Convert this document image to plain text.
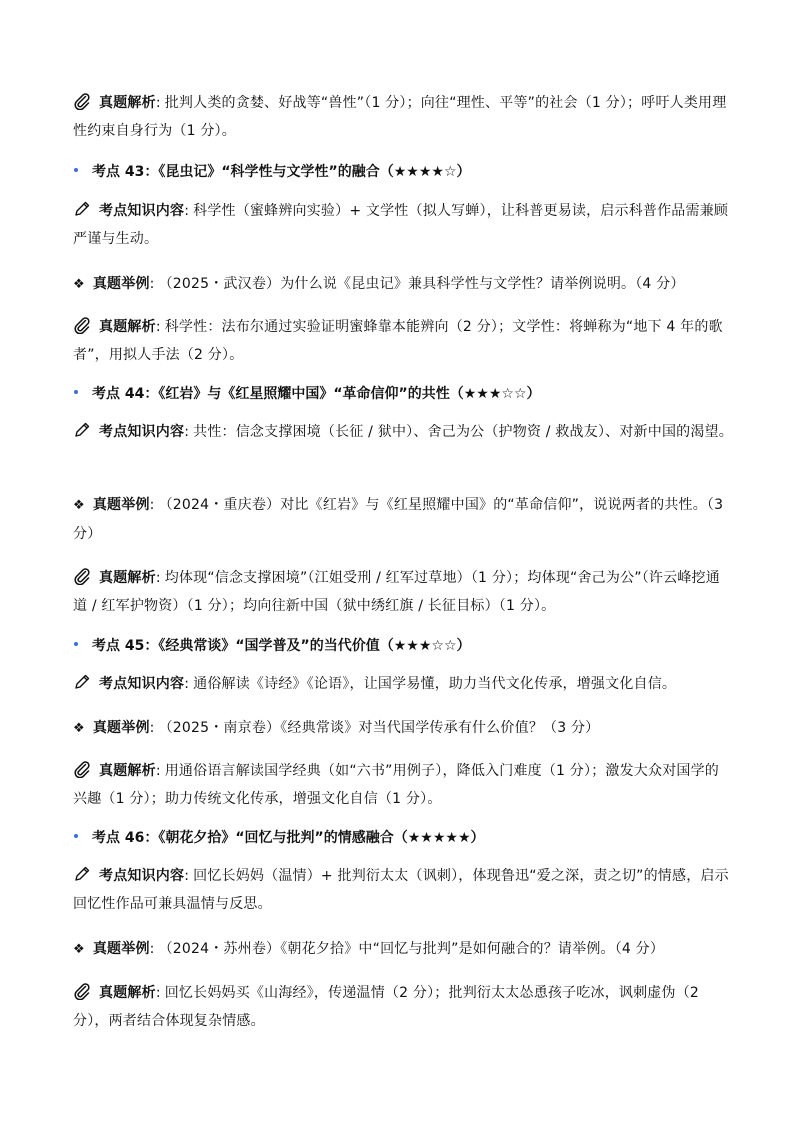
真题解析: 批判人类的贪婪、好战等“兽性”（1 分）；向往“理性、平等”的社会（1 分）；呼吁人类用理性约束自身行为（1 分）。
考点 43：《昆虫记》“科学性与文学性”的融合（★★★★☆）
考点知识内容: 科学性（蜜蜂辨向实验）+ 文学性（拟人写蝉），让科普更易读，启示科普作品需兼顾严谨与生动。
❖ 真题举例: （2025・武汉卷）为什么说《昆虫记》兼具科学性与文学性？请举例说明。（4 分）
真题解析: 科学性：法布尔通过实验证明蜜蜂靠本能辨向（2 分）；文学性：将蝉称为“地下 4 年的歌者”，用拟人手法（2 分）。
考点 44：《红岩》与《红星照耀中国》“革命信仰”的共性（★★★☆☆）
考点知识内容: 共性：信念支撑困境（长征 / 狱中）、舍己为公（护物资 / 救战友）、对新中国的渴望。
❖ 真题举例: （2024・重庆卷）对比《红岩》与《红星照耀中国》的“革命信仰”，说说两者的共性。（3 分）
真题解析: 均体现“信念支撑困境”（江姐受刑 / 红军过草地）（1 分）；均体现“舍己为公”（许云峰挖通道 / 红军护物资）（1 分）；均向往新中国（狱中绣红旗 / 长征目标）（1 分）。
考点 45：《经典常谈》“国学普及”的当代价值（★★★☆☆）
考点知识内容: 通俗解读《诗经》《论语》，让国学易懂，助力当代文化传承，增强文化自信。
❖ 真题举例: （2025・南京卷）《经典常谈》对当代国学传承有什么价值？（3 分）
真题解析: 用通俗语言解读国学经典（如“六书”用例子），降低入门难度（1 分）；激发大众对国学的兴趣（1 分）；助力传统文化传承，增强文化自信（1 分）。
考点 46：《朝花夕拾》“回忆与批判”的情感融合（★★★★★）
考点知识内容: 回忆长妈妈（温情）+ 批判衍太太（讽刺），体现鲁迅“爱之深，责之切”的情感，启示回忆性作品可兼具温情与反思。
❖ 真题举例: （2024・苏州卷）《朝花夕拾》中“回忆与批判”是如何融合的？请举例。（4 分）
真题解析: 回忆长妈妈买《山海经》，传递温情（2 分）；批判衍太太怂恿孩子吃冰，讽刺虚伪（2 分），两者结合体现复杂情感。
